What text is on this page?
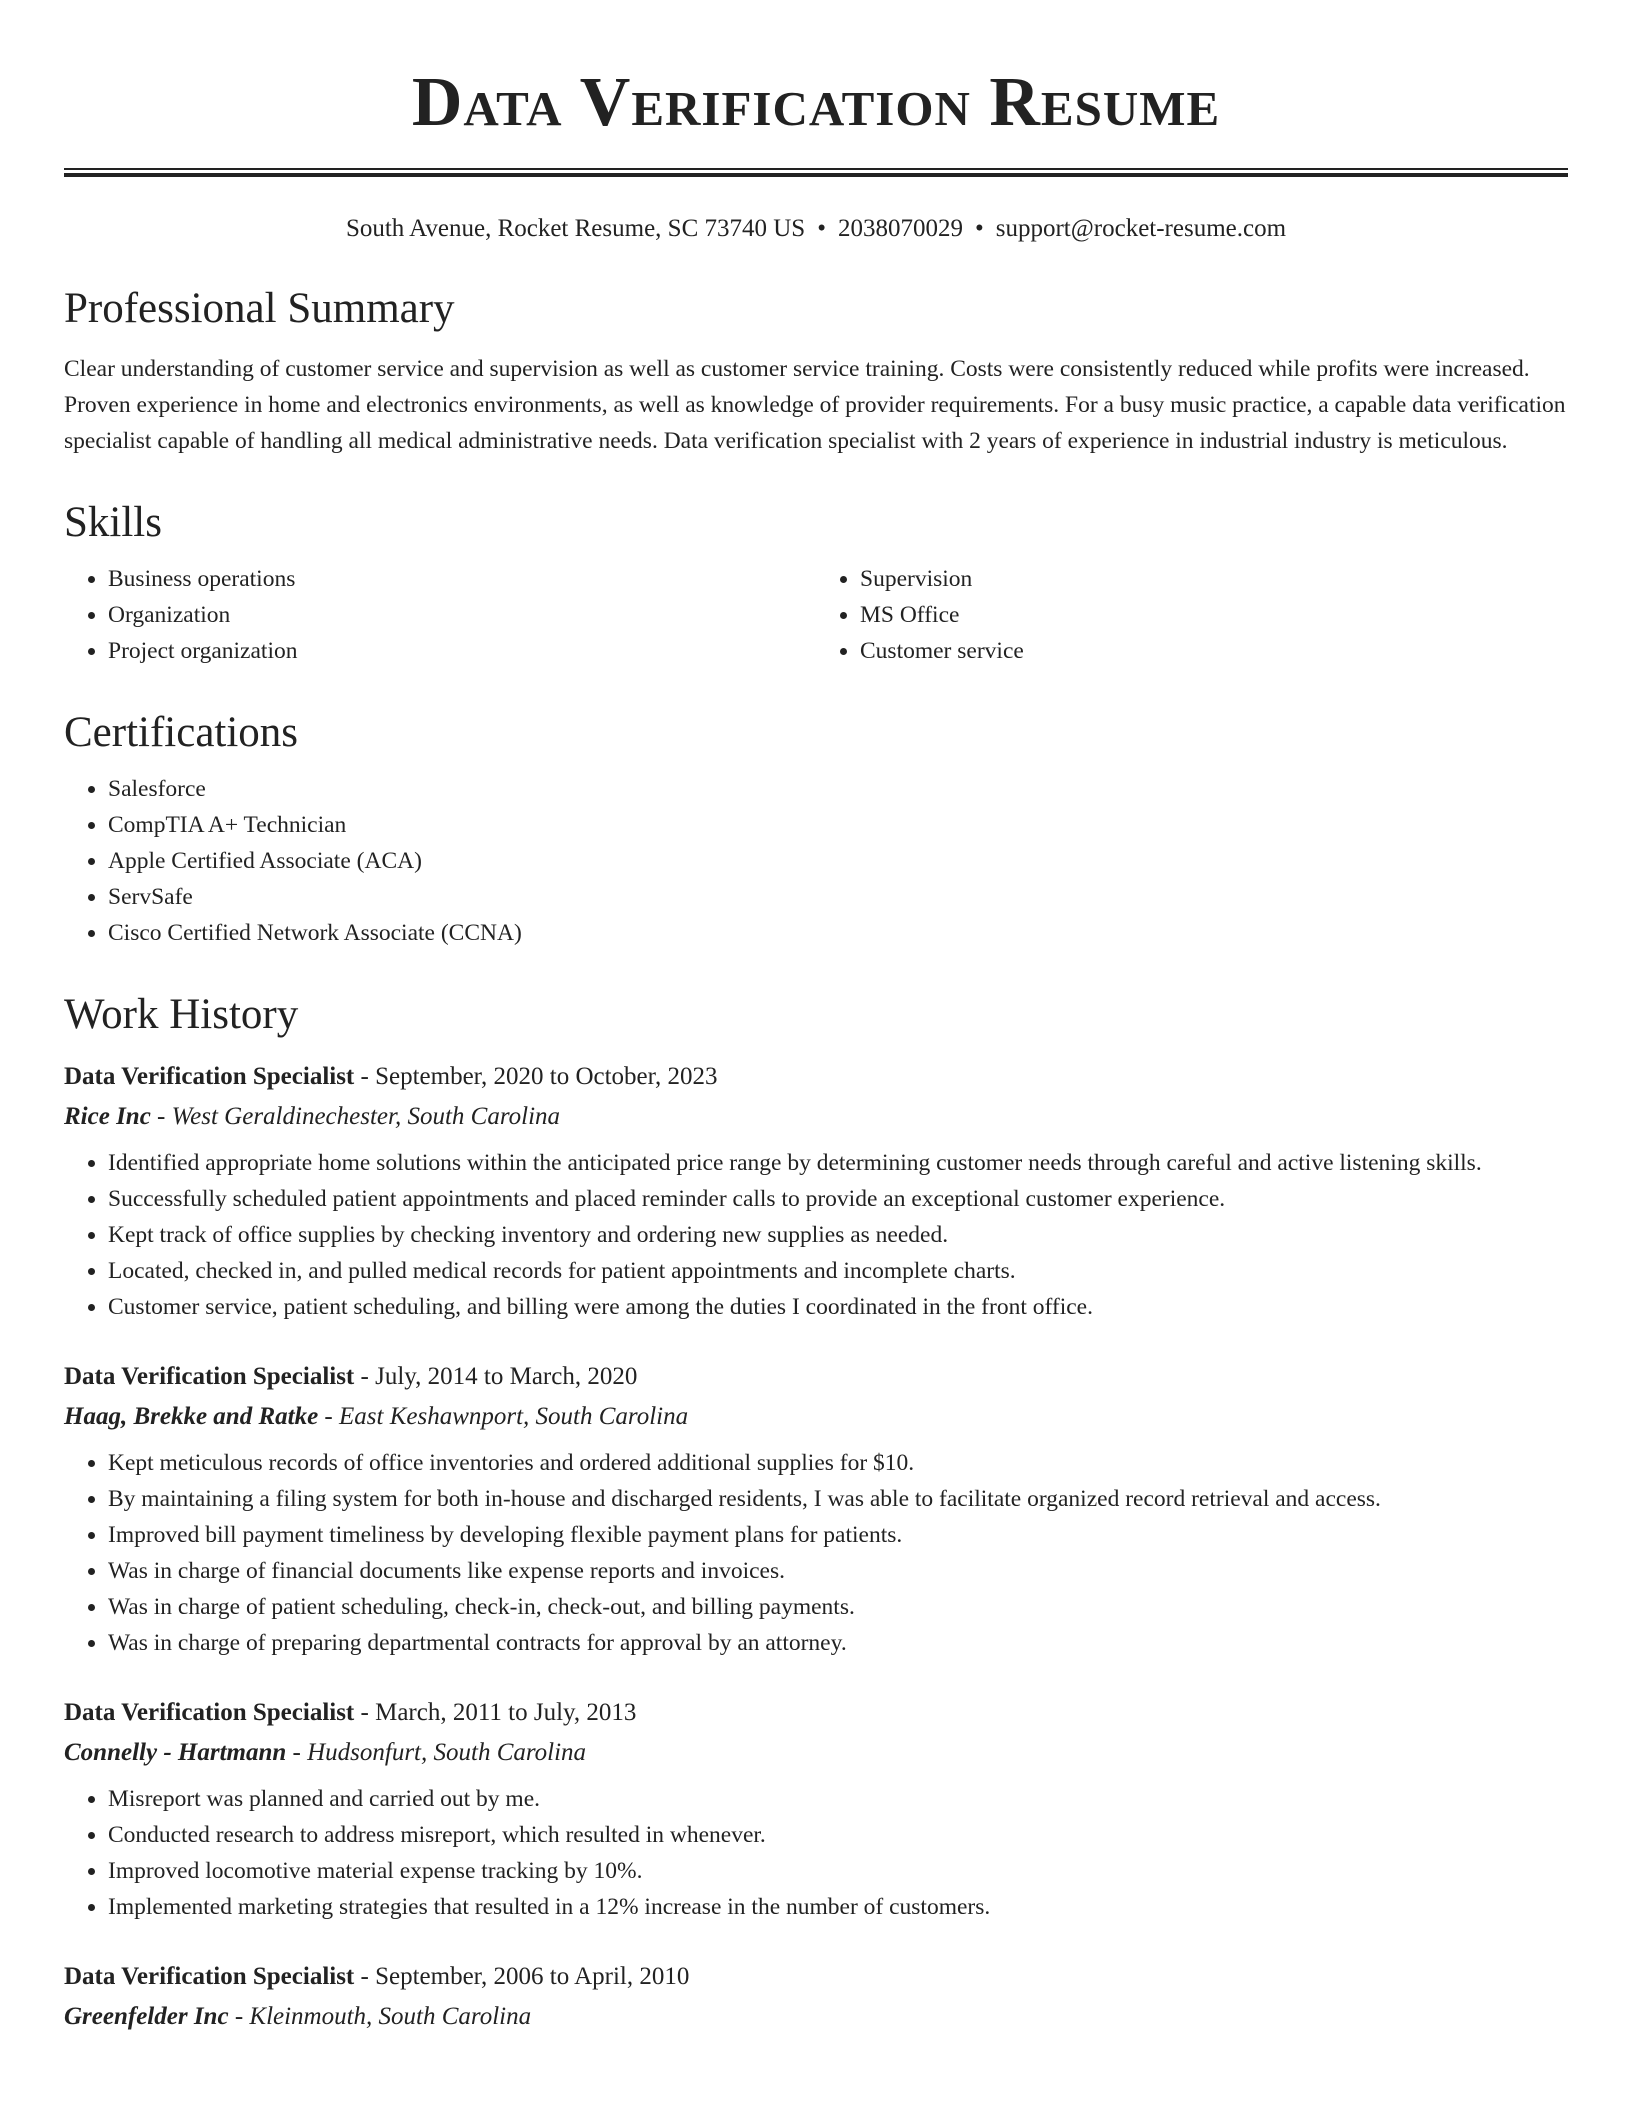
Data Verification Resume
South Avenue, Rocket Resume, SC 73740 US • 2038070029 • support@rocket-resume.com
Professional Summary

Clear understanding of customer service and supervision as well as customer service training. Costs were consistently reduced while profits were increased. Proven experience in home and electronics environments, as well as knowledge of provider requirements. For a busy music practice, a capable data verification specialist capable of handling all medical administrative needs. Data verification specialist with 2 years of experience in industrial industry is meticulous.

Skills
• Business operations
• Organization
• Project organization
• Supervision
• MS Office
• Customer service
Certifications
• Salesforce
• CompTIA A+ Technician
• Apple Certified Associate (ACA)
• ServSafe
• Cisco Certified Network Associate (CCNA)
Work History
Data Verification Specialist - September, 2020 to October, 2023
Rice Inc - West Geraldinechester, South Carolina
• Identified appropriate home solutions within the anticipated price range by determining customer needs through careful and active listening skills.
• Successfully scheduled patient appointments and placed reminder calls to provide an exceptional customer experience.
• Kept track of office supplies by checking inventory and ordering new supplies as needed.
• Located, checked in, and pulled medical records for patient appointments and incomplete charts.
• Customer service, patient scheduling, and billing were among the duties I coordinated in the front office.
Data Verification Specialist - July, 2014 to March, 2020
Haag, Brekke and Ratke - East Keshawnport, South Carolina
• Kept meticulous records of office inventories and ordered additional supplies for $10.
• By maintaining a filing system for both in-house and discharged residents, I was able to facilitate organized record retrieval and access.
• Improved bill payment timeliness by developing flexible payment plans for patients.
• Was in charge of financial documents like expense reports and invoices.
• Was in charge of patient scheduling, check-in, check-out, and billing payments.
• Was in charge of preparing departmental contracts for approval by an attorney.
Data Verification Specialist - March, 2011 to July, 2013
Connelly - Hartmann - Hudsonfurt, South Carolina
• Misreport was planned and carried out by me.
• Conducted research to address misreport, which resulted in whenever.
• Improved locomotive material expense tracking by 10%.
• Implemented marketing strategies that resulted in a 12% increase in the number of customers.
Data Verification Specialist - September, 2006 to April, 2010
Greenfelder Inc - Kleinmouth, South Carolina
